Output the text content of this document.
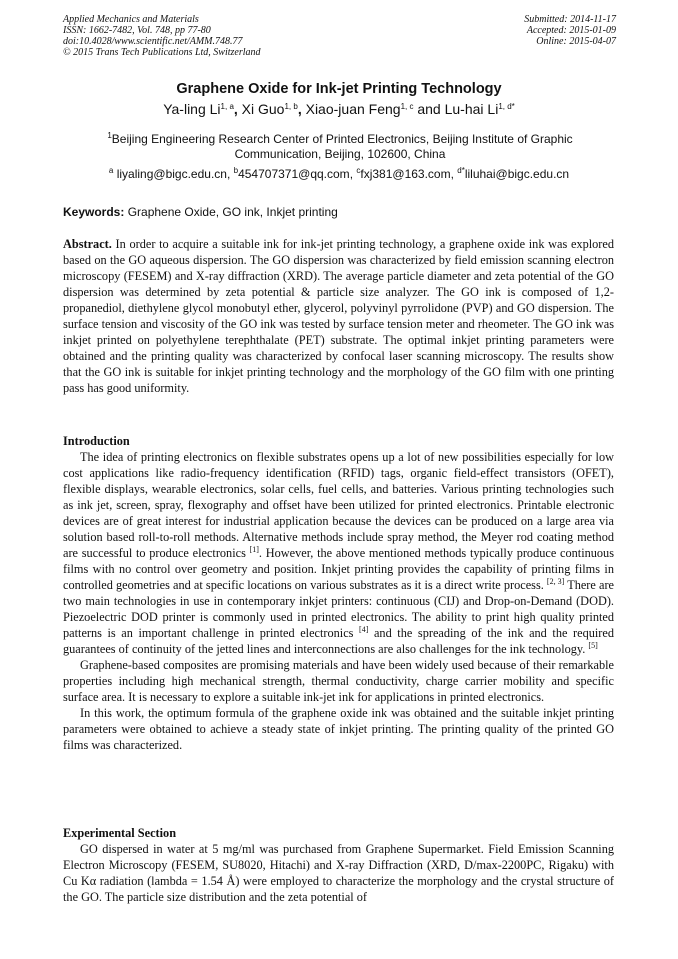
Applied Mechanics and Materials
ISSN: 1662-7482, Vol. 748, pp 77-80
doi:10.4028/www.scientific.net/AMM.748.77
© 2015 Trans Tech Publications Ltd, Switzerland
Submitted: 2014-11-17
Accepted: 2015-01-09
Online: 2015-04-07
Graphene Oxide for Ink-jet Printing Technology
Ya-ling Li$^{1, a}$, Xi Guo$^{1, b}$, Xiao-juan Feng$^{1, c}$ and Lu-hai $Li^{1, d*}$
$^1$Beijing Engineering Research Center of Printed Electronics, Beijing Institute of Graphic
Communication, Beijing, 102600, China
$^a$ liyaling@bigc.edu.cn, $^b$454707371@qq.com, $^c$fxj381@163.com, $^{d*}$liluhai@bigc.edu.cn
Keywords: Graphene Oxide, GO ink, Inkjet printing

Abstract. In order to acquire a suitable ink for ink-jet printing technology, a graphene oxide ink was explored based on the GO aqueous dispersion. The GO dispersion was characterized by field emission scanning electron microscopy (FESEM) and X-ray diffraction (XRD). The average particle diameter and zeta potential of the GO dispersion was determined by zeta potential & particle size analyzer. The GO ink is composed of 1,2-propanediol, diethylene glycol monobutyl ether, glycerol, polyvinyl pyrrolidone (PVP) and GO dispersion. The surface tension and viscosity of the GO ink was tested by surface tension meter and rheometer. The GO ink was inkjet printed on polyethylene terephthalate (PET) substrate. The optimal inkjet printing parameters were obtained and the printing quality was characterized by confocal laser scanning microscopy. The results show that the GO ink is suitable for inkjet printing technology and the morphology of the GO film with one printing pass has good uniformity.

Introduction

The idea of printing electronics on flexible substrates opens up a lot of new possibilities especially for low cost applications like radio-frequency identification (RFID) tags, organic field-effect transistors (OFET), flexible displays, wearable electronics, solar cells, fuel cells, and batteries. Various printing technologies such as ink jet, screen, spray, flexography and offset have been utilized for printed electronics. Printable electronic devices are of great interest for industrial application because the devices can be produced on a large area via solution based roll-to-roll methods. Alternative methods include spray method, the Meyer rod coating method are successful to produce electronics [1]. However, the above mentioned methods typically produce continuous films with no control over geometry and position. Inkjet printing provides the capability of printing films in controlled geometries and at specific locations on various substrates as it is a direct write process. [2, 3] There are two main technologies in use in contemporary inkjet printers: continuous (CIJ) and Drop-on-Demand (DOD). Piezoelectric DOD printer is commonly used in printed electronics. The ability to print high quality printed patterns is an important challenge in printed electronics [4] and the spreading of the ink and the required guarantees of continuity of the jetted lines and interconnections are also challenges for the ink technology. [5]

Graphene-based composites are promising materials and have been widely used because of their remarkable properties including high mechanical strength, thermal conductivity, charge carrier mobility and specific surface area. It is necessary to explore a suitable ink-jet ink for applications in printed electronics.

In this work, the optimum formula of the graphene oxide ink was obtained and the suitable inkjet printing parameters were obtained to achieve a steady state of inkjet printing. The printing quality of the printed GO films was characterized.

Experimental Section

GO dispersed in water at 5 mg/ml was purchased from Graphene Supermarket. Field Emission Scanning Electron Microscopy (FESEM, SU8020, Hitachi) and X-ray Diffraction (XRD, D/max-2200PC, Rigaku) with Cu Kα radiation (lambda = 1.54 Å) were employed to characterize the morphology and the crystal structure of the GO. The particle size distribution and the zeta potential of
